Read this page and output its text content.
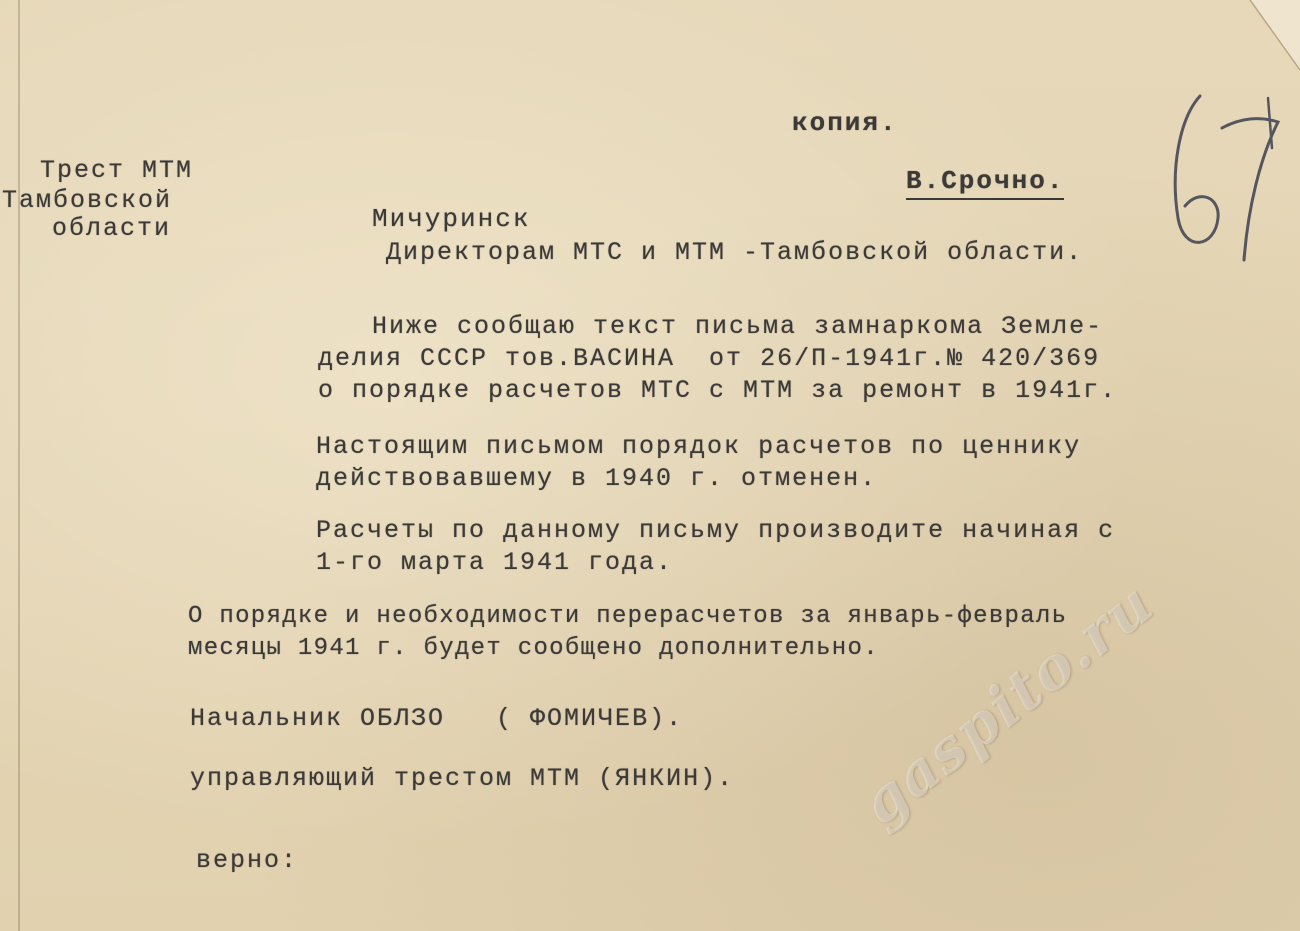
копия.
Трест МТМ
Тамбовской
области
В.Срочно.
Мичуринск
Директорам МТС и МТМ -Тамбовской области.
Ниже сообщаю текст письма замнаркома Земле-
делия СССР тов.ВАСИНА  от 26/П-1941г.№ 420/369
о порядке расчетов МТС с МТМ за ремонт в 1941г.
Настоящим письмом порядок расчетов по ценнику
действовавшему в 1940 г. отменен.
Расчеты по данному письму производите начиная с
1-го марта 1941 года.
О порядке и необходимости перерасчетов за январь-февраль
месяцы 1941 г. будет сообщено дополнительно.
Начальник ОБЛЗО   ( ФОМИЧЕВ).
управляющий трестом МТМ (ЯНКИН).
верно:
gaspito.ru
